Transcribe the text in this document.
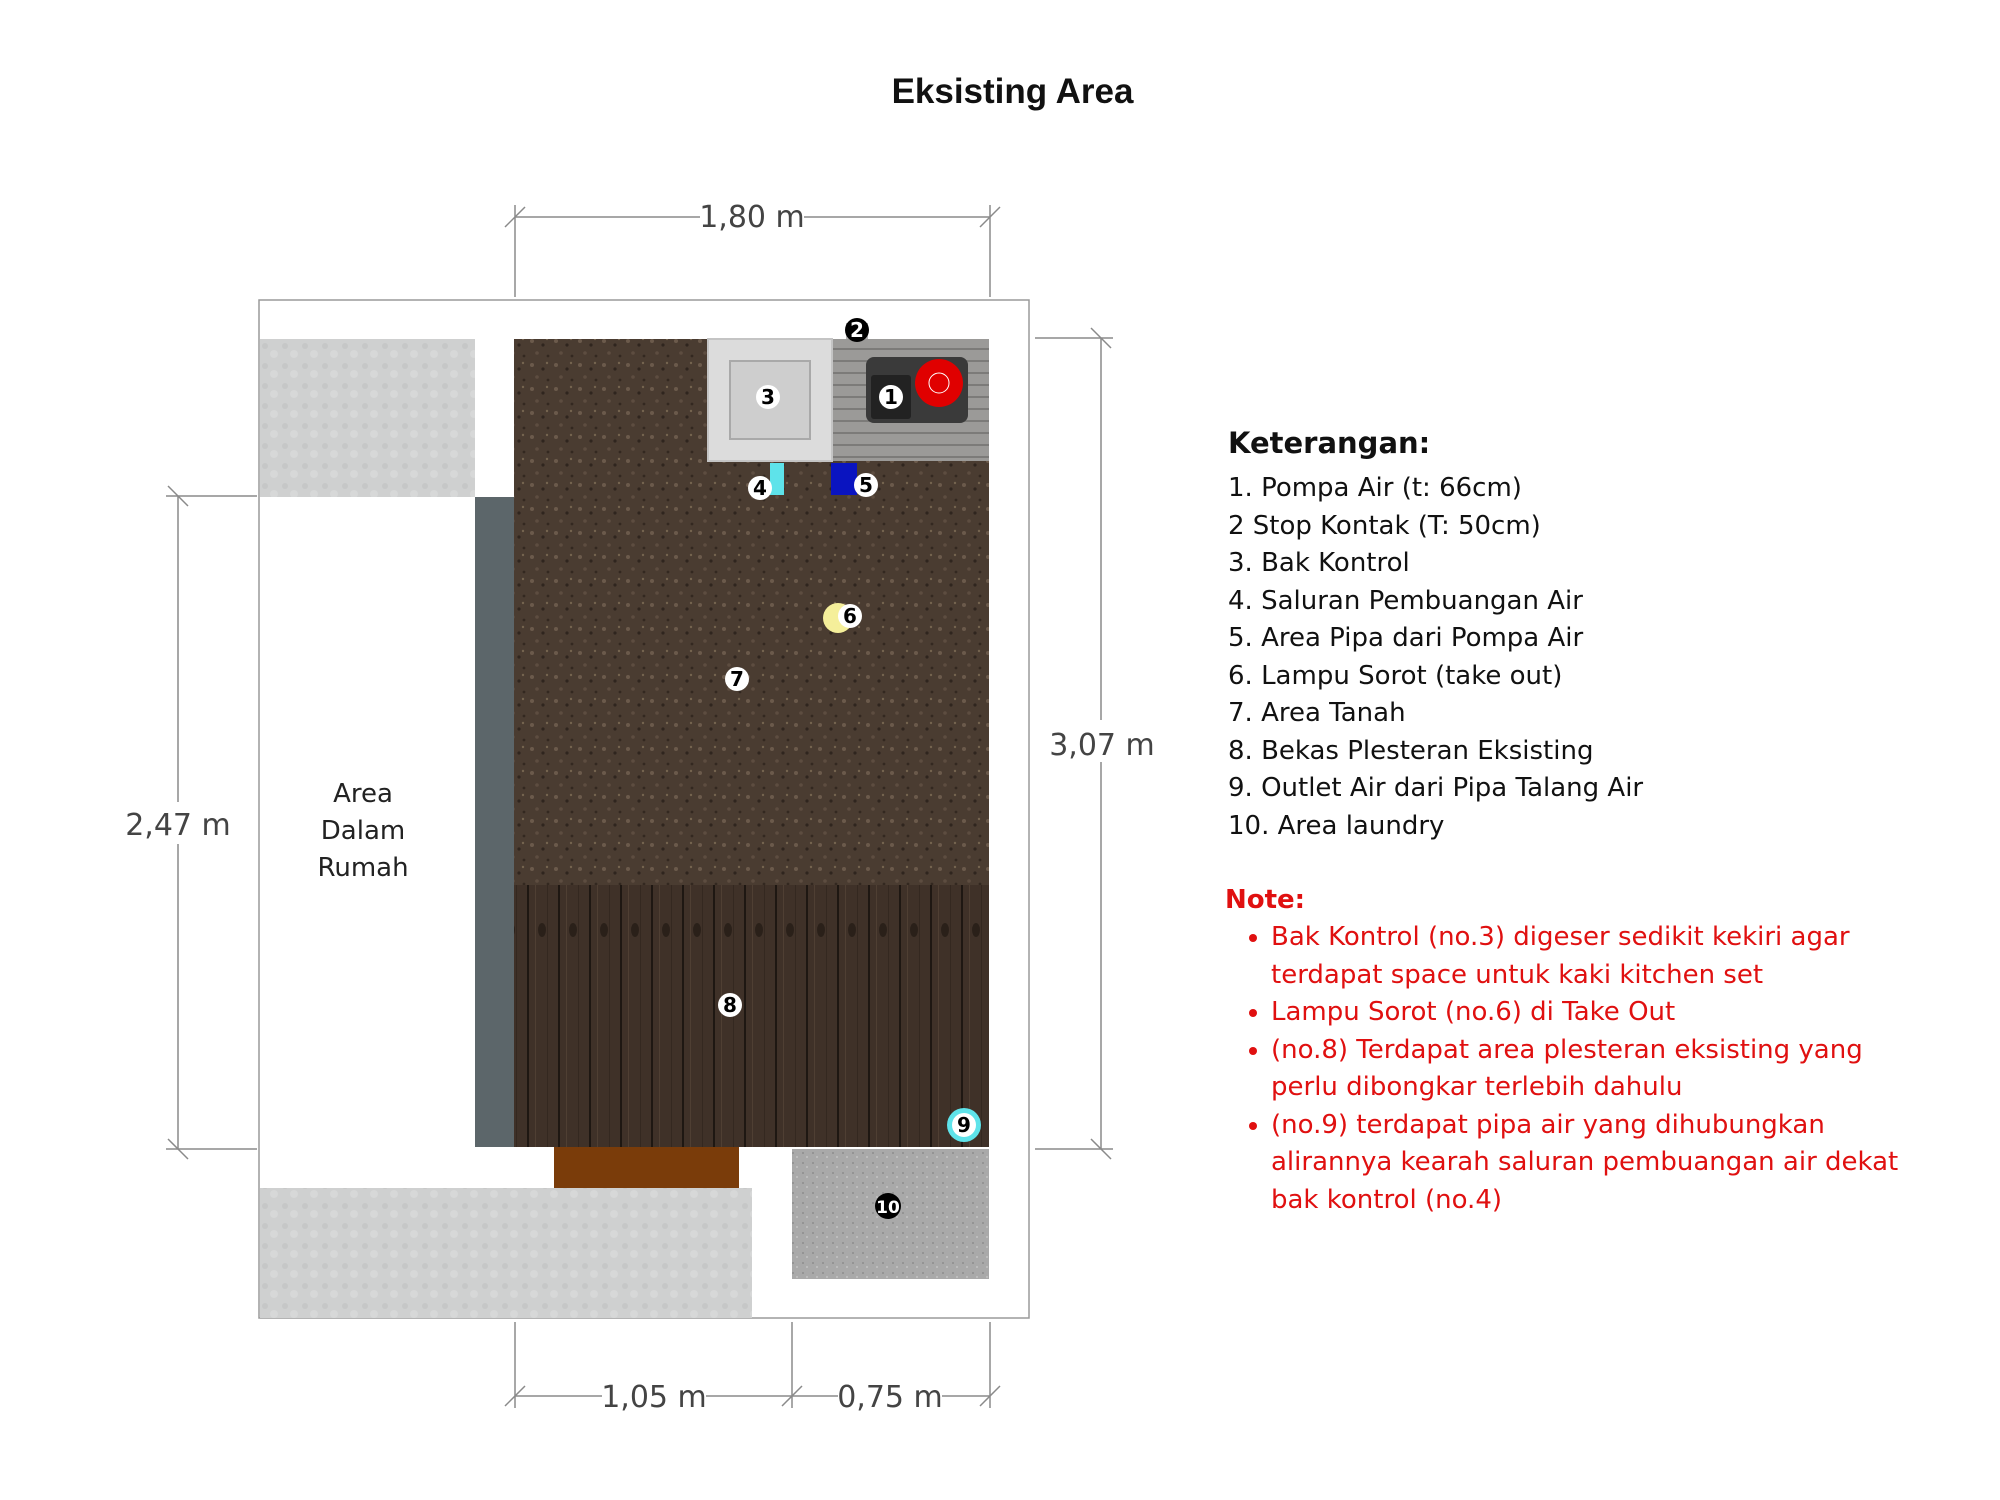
Eksisting Area
1,80 m
3,07 m
2,47 m
1,05 m	0,75 m
Area
Dalam
Rumah
1
2
3
4	5
6
7
8
9
10
Keterangan:
1. Pompa Air (t: 66cm)
2 Stop Kontak (T: 50cm)
3. Bak Kontrol
4. Saluran Pembuangan Air
5. Area Pipa dari Pompa Air
6. Lampu Sorot (take out)
7. Area Tanah
8. Bekas Plesteran Eksisting
9. Outlet Air dari Pipa Talang Air
10. Area laundry
Note:
• Bak Kontrol (no.3) digeser sedikit kekiri agar terdapat space untuk kaki kitchen set
• Lampu Sorot (no.6) di Take Out
• (no.8) Terdapat area plesteran eksisting yang perlu dibongkar terlebih dahulu
• (no.9) terdapat pipa air yang dihubungkan alirannya kearah saluran pembuangan air dekat bak kontrol (no.4)
